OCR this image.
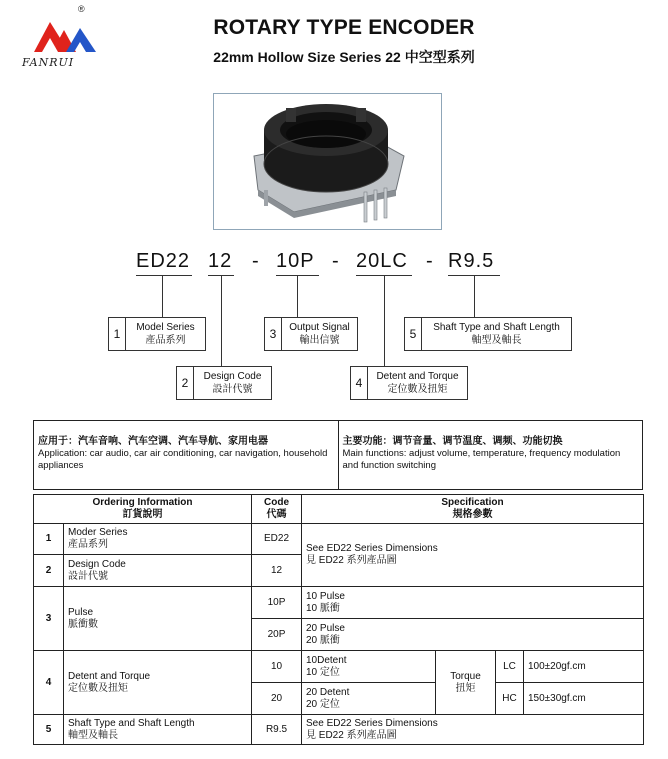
®
FANRUI
ROTARY TYPE ENCODER
22mm Hollow Size Series 22 中空型系列
ED22 12 - 10P - 20LC - R9.5
1	Model Series
產品系列	3	Output Signal
輸出信號	5	Shaft Type and Shaft Length
軸型及軸長
2	Design Code
設計代號	4	Detent and Torque
定位數及扭矩
应用于：汽车音响、汽车空调、汽车导航、家用电器
Application: car audio, car air conditioning, car navigation, household appliances
主要功能：调节音量、调节温度、调频、功能切换
Main functions: adjust volume, temperature, frequency modulation and function switching
Ordering Information
訂貨說明		Code
代碼	Specification
規格參數			
1	Moder Series
產品系列	ED22	See ED22 Series Dimensions
見 ED22 系列產品圖			
2	Design Code
設計代號	12				
3	Pulse
脈衝數	10P	10 Pulse
10 脈衝			
		20P	20 Pulse
20 脈衝			
4	Detent and Torque
定位數及扭矩	10	10Detent
10 定位	Torque
扭矩	LC	100±20gf.cm
		20	20 Detent
20 定位		HC	150±30gf.cm
5	Shaft Type and Shaft Length
軸型及軸長	R9.5	See ED22 Series Dimensions
見 ED22 系列產品圖			
